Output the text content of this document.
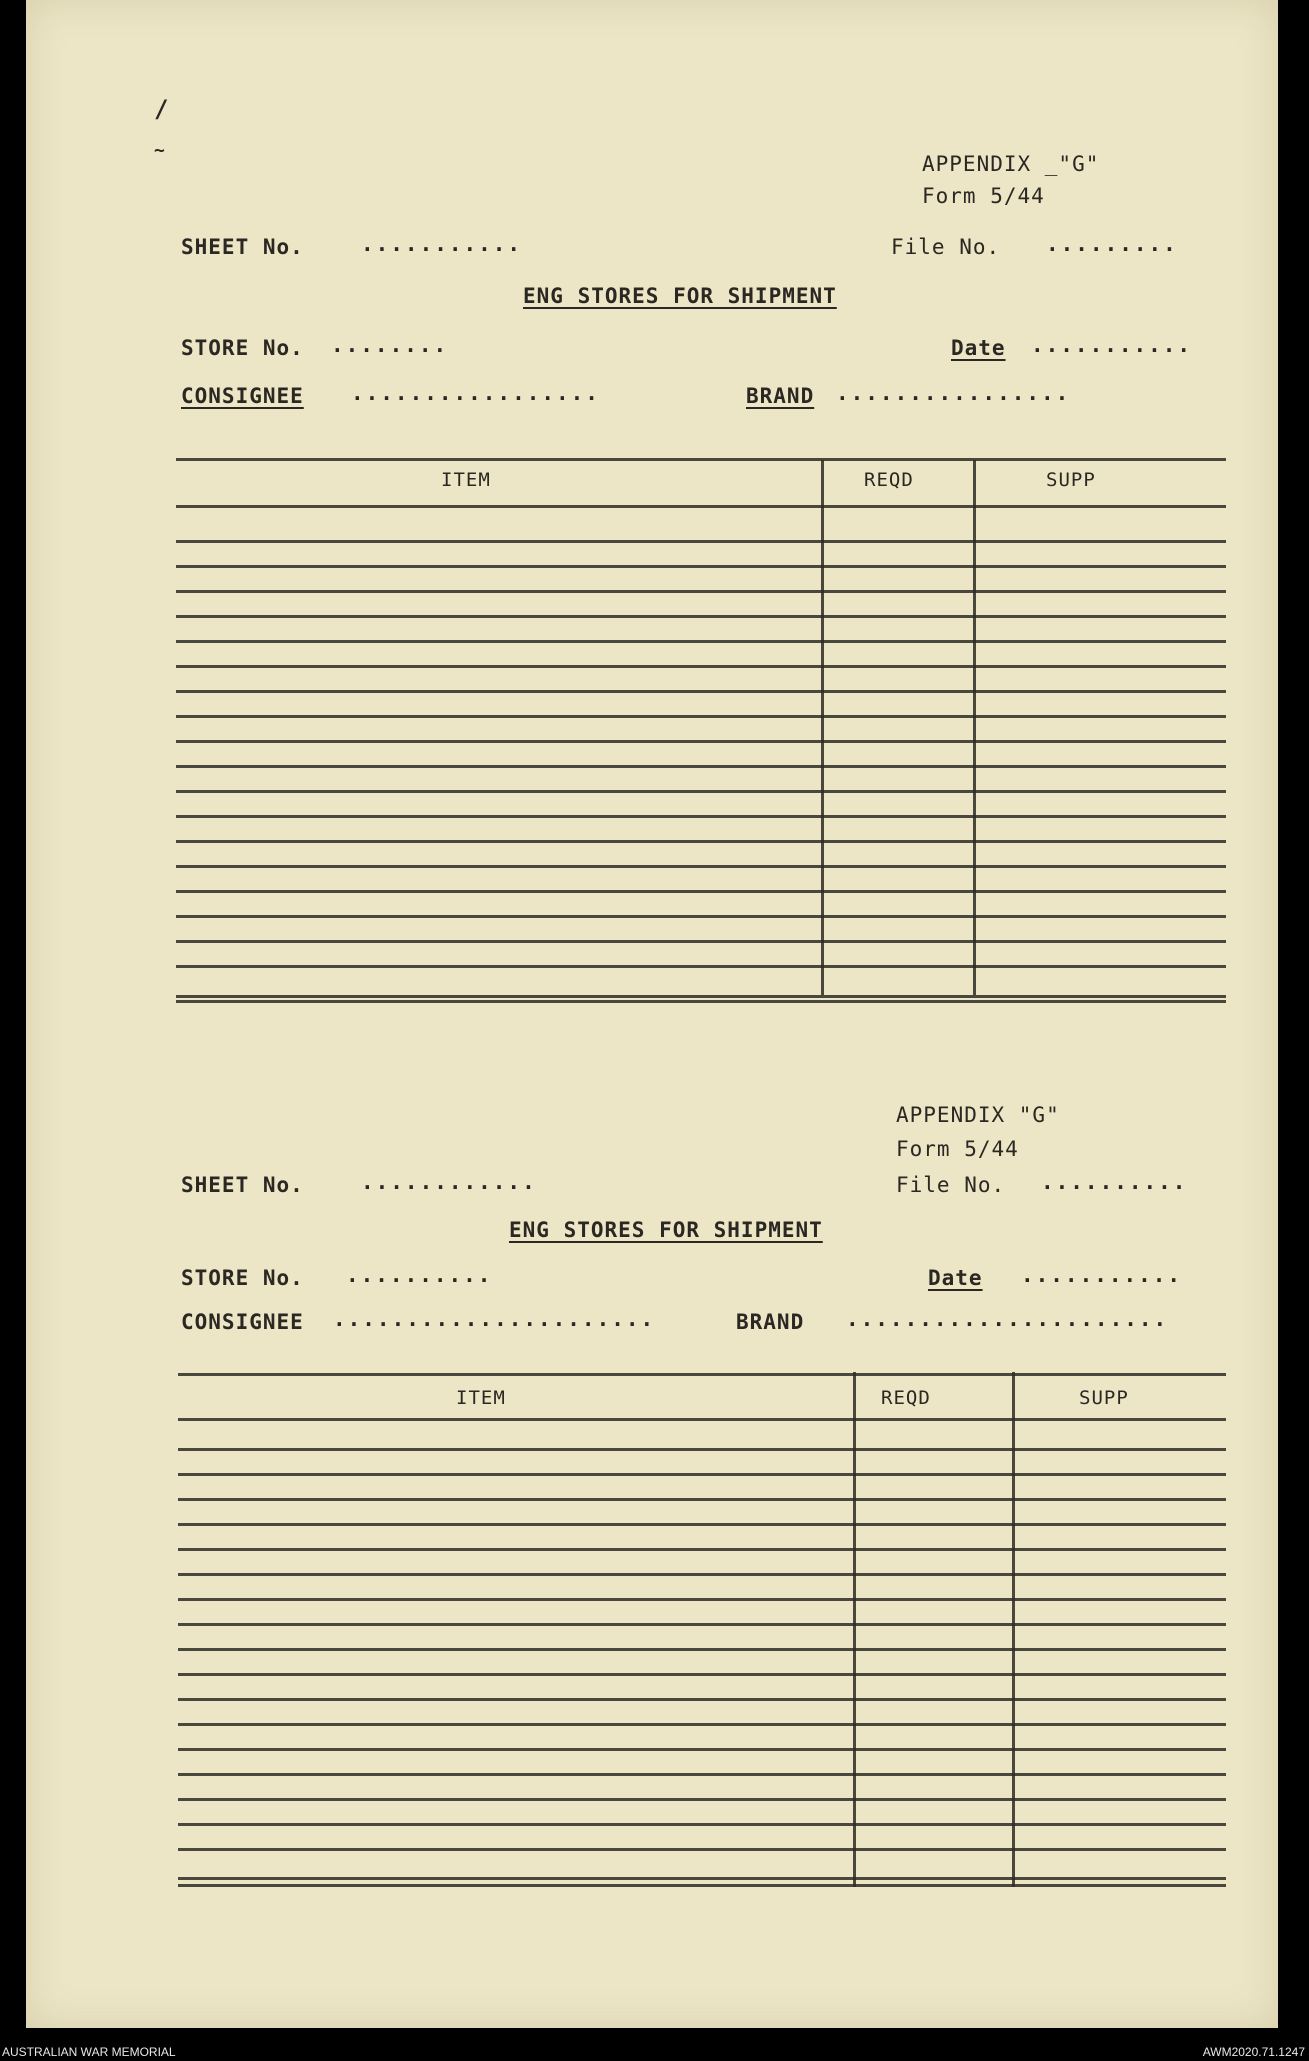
/
~
APPENDIX _"G"
Form 5/44
SHEET No.	...........	File No. .........
ENG STORES FOR SHIPMENT
STORE No. ........	Date ...........
CONSIGNEE .................	BRAND ................
ITEM	REQD	SUPP
APPENDIX "G"
Form 5/44
SHEET No.	............	File No. ..........
ENG STORES FOR SHIPMENT
STORE No. ..........	Date ...........
CONSIGNEE ......................	BRAND ......................
ITEM	REQD	SUPP
AUSTRALIAN WAR MEMORIAL	AWM2020.71.1247
